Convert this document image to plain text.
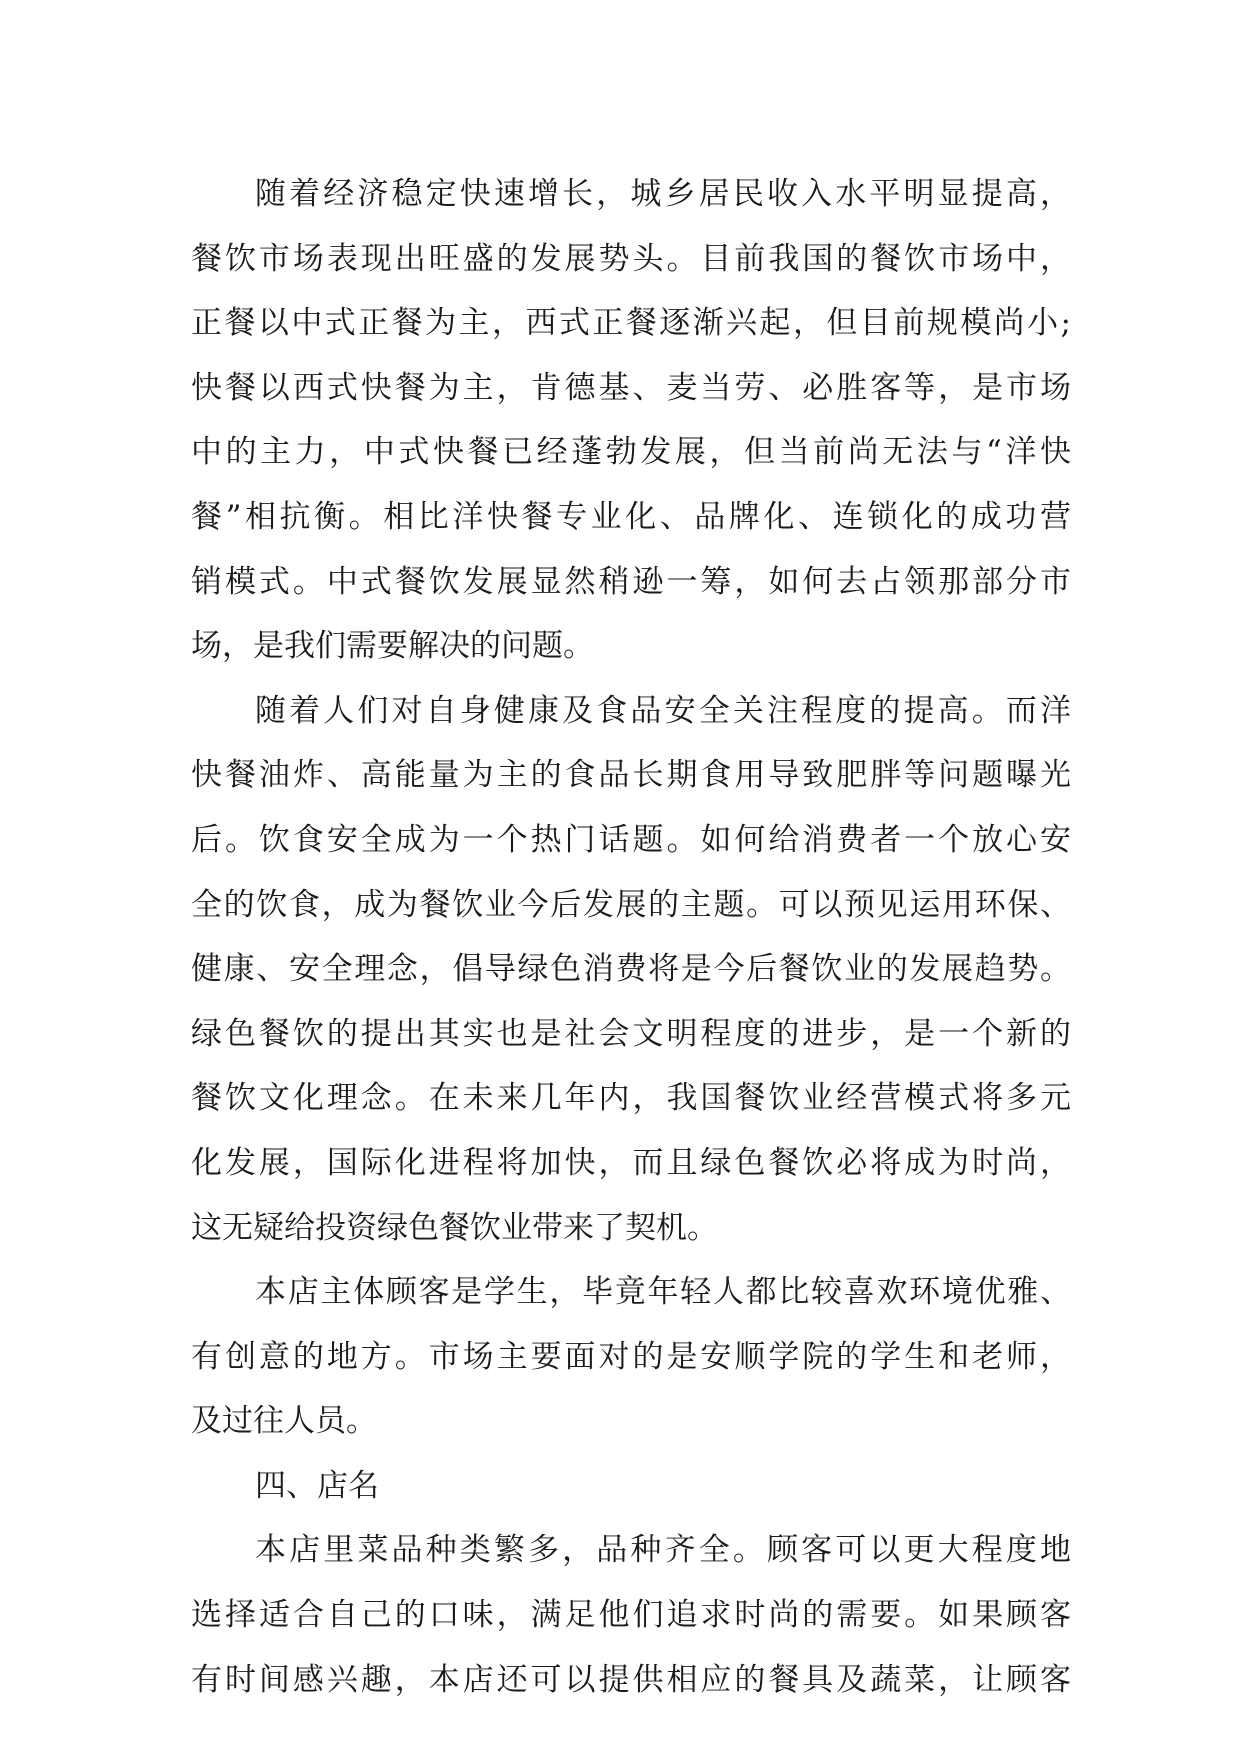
随着经济稳定快速增长，城乡居民收入水平明显提高，
餐饮市场表现出旺盛的发展势头。目前我国的餐饮市场中，
正餐以中式正餐为主，西式正餐逐渐兴起，但目前规模尚小;
快餐以西式快餐为主，肯德基、麦当劳、必胜客等，是市场
中的主力，中式快餐已经蓬勃发展，但当前尚无法与“洋快
餐”相抗衡。相比洋快餐专业化、品牌化、连锁化的成功营
销模式。中式餐饮发展显然稍逊一筹，如何去占领那部分市
场，是我们需要解决的问题。
随着人们对自身健康及食品安全关注程度的提高。而洋
快餐油炸、高能量为主的食品长期食用导致肥胖等问题曝光
后。饮食安全成为一个热门话题。如何给消费者一个放心安
全的饮食，成为餐饮业今后发展的主题。可以预见运用环保、
健康、安全理念，倡导绿色消费将是今后餐饮业的发展趋势。
绿色餐饮的提出其实也是社会文明程度的进步，是一个新的
餐饮文化理念。在未来几年内，我国餐饮业经营模式将多元
化发展，国际化进程将加快，而且绿色餐饮必将成为时尚，
这无疑给投资绿色餐饮业带来了契机。
本店主体顾客是学生，毕竟年轻人都比较喜欢环境优雅、
有创意的地方。市场主要面对的是安顺学院的学生和老师，
及过往人员。
四、店名
本店里菜品种类繁多，品种齐全。顾客可以更大程度地
选择适合自己的口味，满足他们追求时尚的需要。如果顾客
有时间感兴趣，本店还可以提供相应的餐具及蔬菜，让顾客
